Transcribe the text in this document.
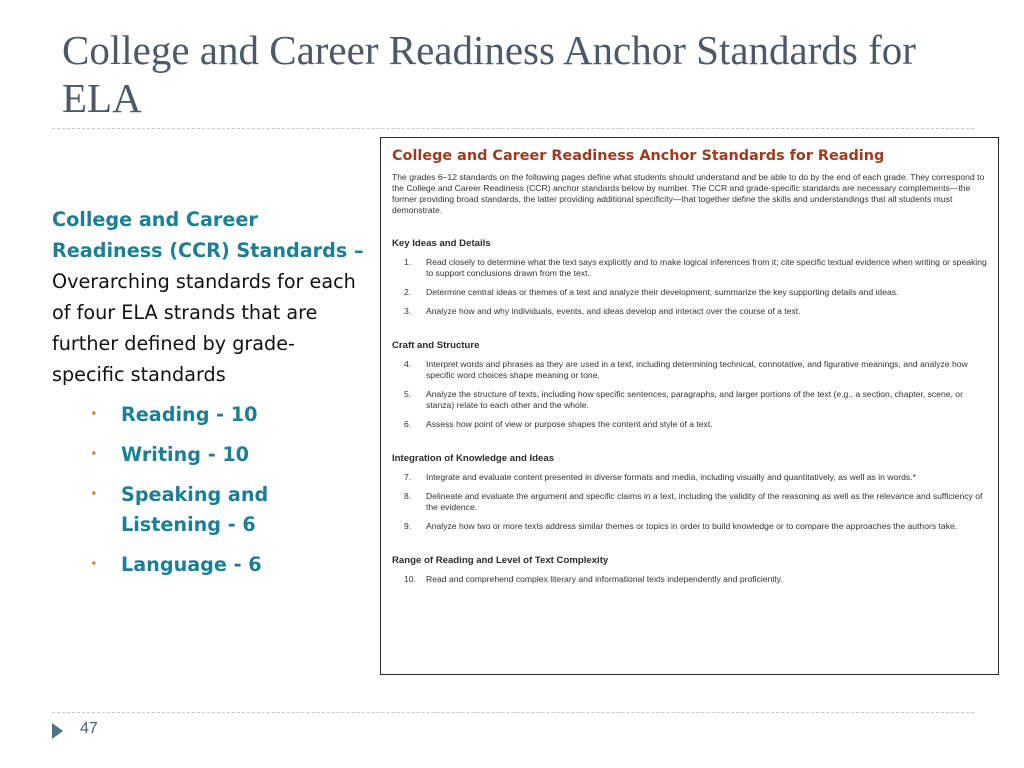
College and Career Readiness Anchor Standards for ELA
College and Career Readiness (CCR) Standards – Overarching standards for each of four ELA strands that are further defined by grade-specific standards
• Reading - 10
• Writing - 10
• Speaking and Listening - 6
• Language - 6
College and Career Readiness Anchor Standards for Reading

The grades 6–12 standards on the following pages define what students should understand and be able to do by the end of each grade. They correspond to the College and Career Readiness (CCR) anchor standards below by number. The CCR and grade-specific standards are necessary complements—the former providing broad standards, the latter providing additional specificity—that together define the skills and understandings that all students must demonstrate.

Key Ideas and Details
1.	Read closely to determine what the text says explicitly and to make logical inferences from it; cite specific textual evidence when writing or speaking to support conclusions drawn from the text.
2.	Determine central ideas or themes of a text and analyze their development; summarize the key supporting details and ideas.
3.	Analyze how and why individuals, events, and ideas develop and interact over the course of a text.
Craft and Structure
4.	Interpret words and phrases as they are used in a text, including determining technical, connotative, and figurative meanings, and analyze how specific word choices shape meaning or tone.
5.	Analyze the structure of texts, including how specific sentences, paragraphs, and larger portions of the text (e.g., a section, chapter, scene, or stanza) relate to each other and the whole.
6.	Assess how point of view or purpose shapes the content and style of a text.
Integration of Knowledge and Ideas
7.	Integrate and evaluate content presented in diverse formats and media, including visually and quantitatively, as well as in words.*
8.	Delineate and evaluate the argument and specific claims in a text, including the validity of the reasoning as well as the relevance and sufficiency of the evidence.
9.	Analyze how two or more texts address similar themes or topics in order to build knowledge or to compare the approaches the authors take.
Range of Reading and Level of Text Complexity
10.	Read and comprehend complex literary and informational texts independently and proficiently.
47
